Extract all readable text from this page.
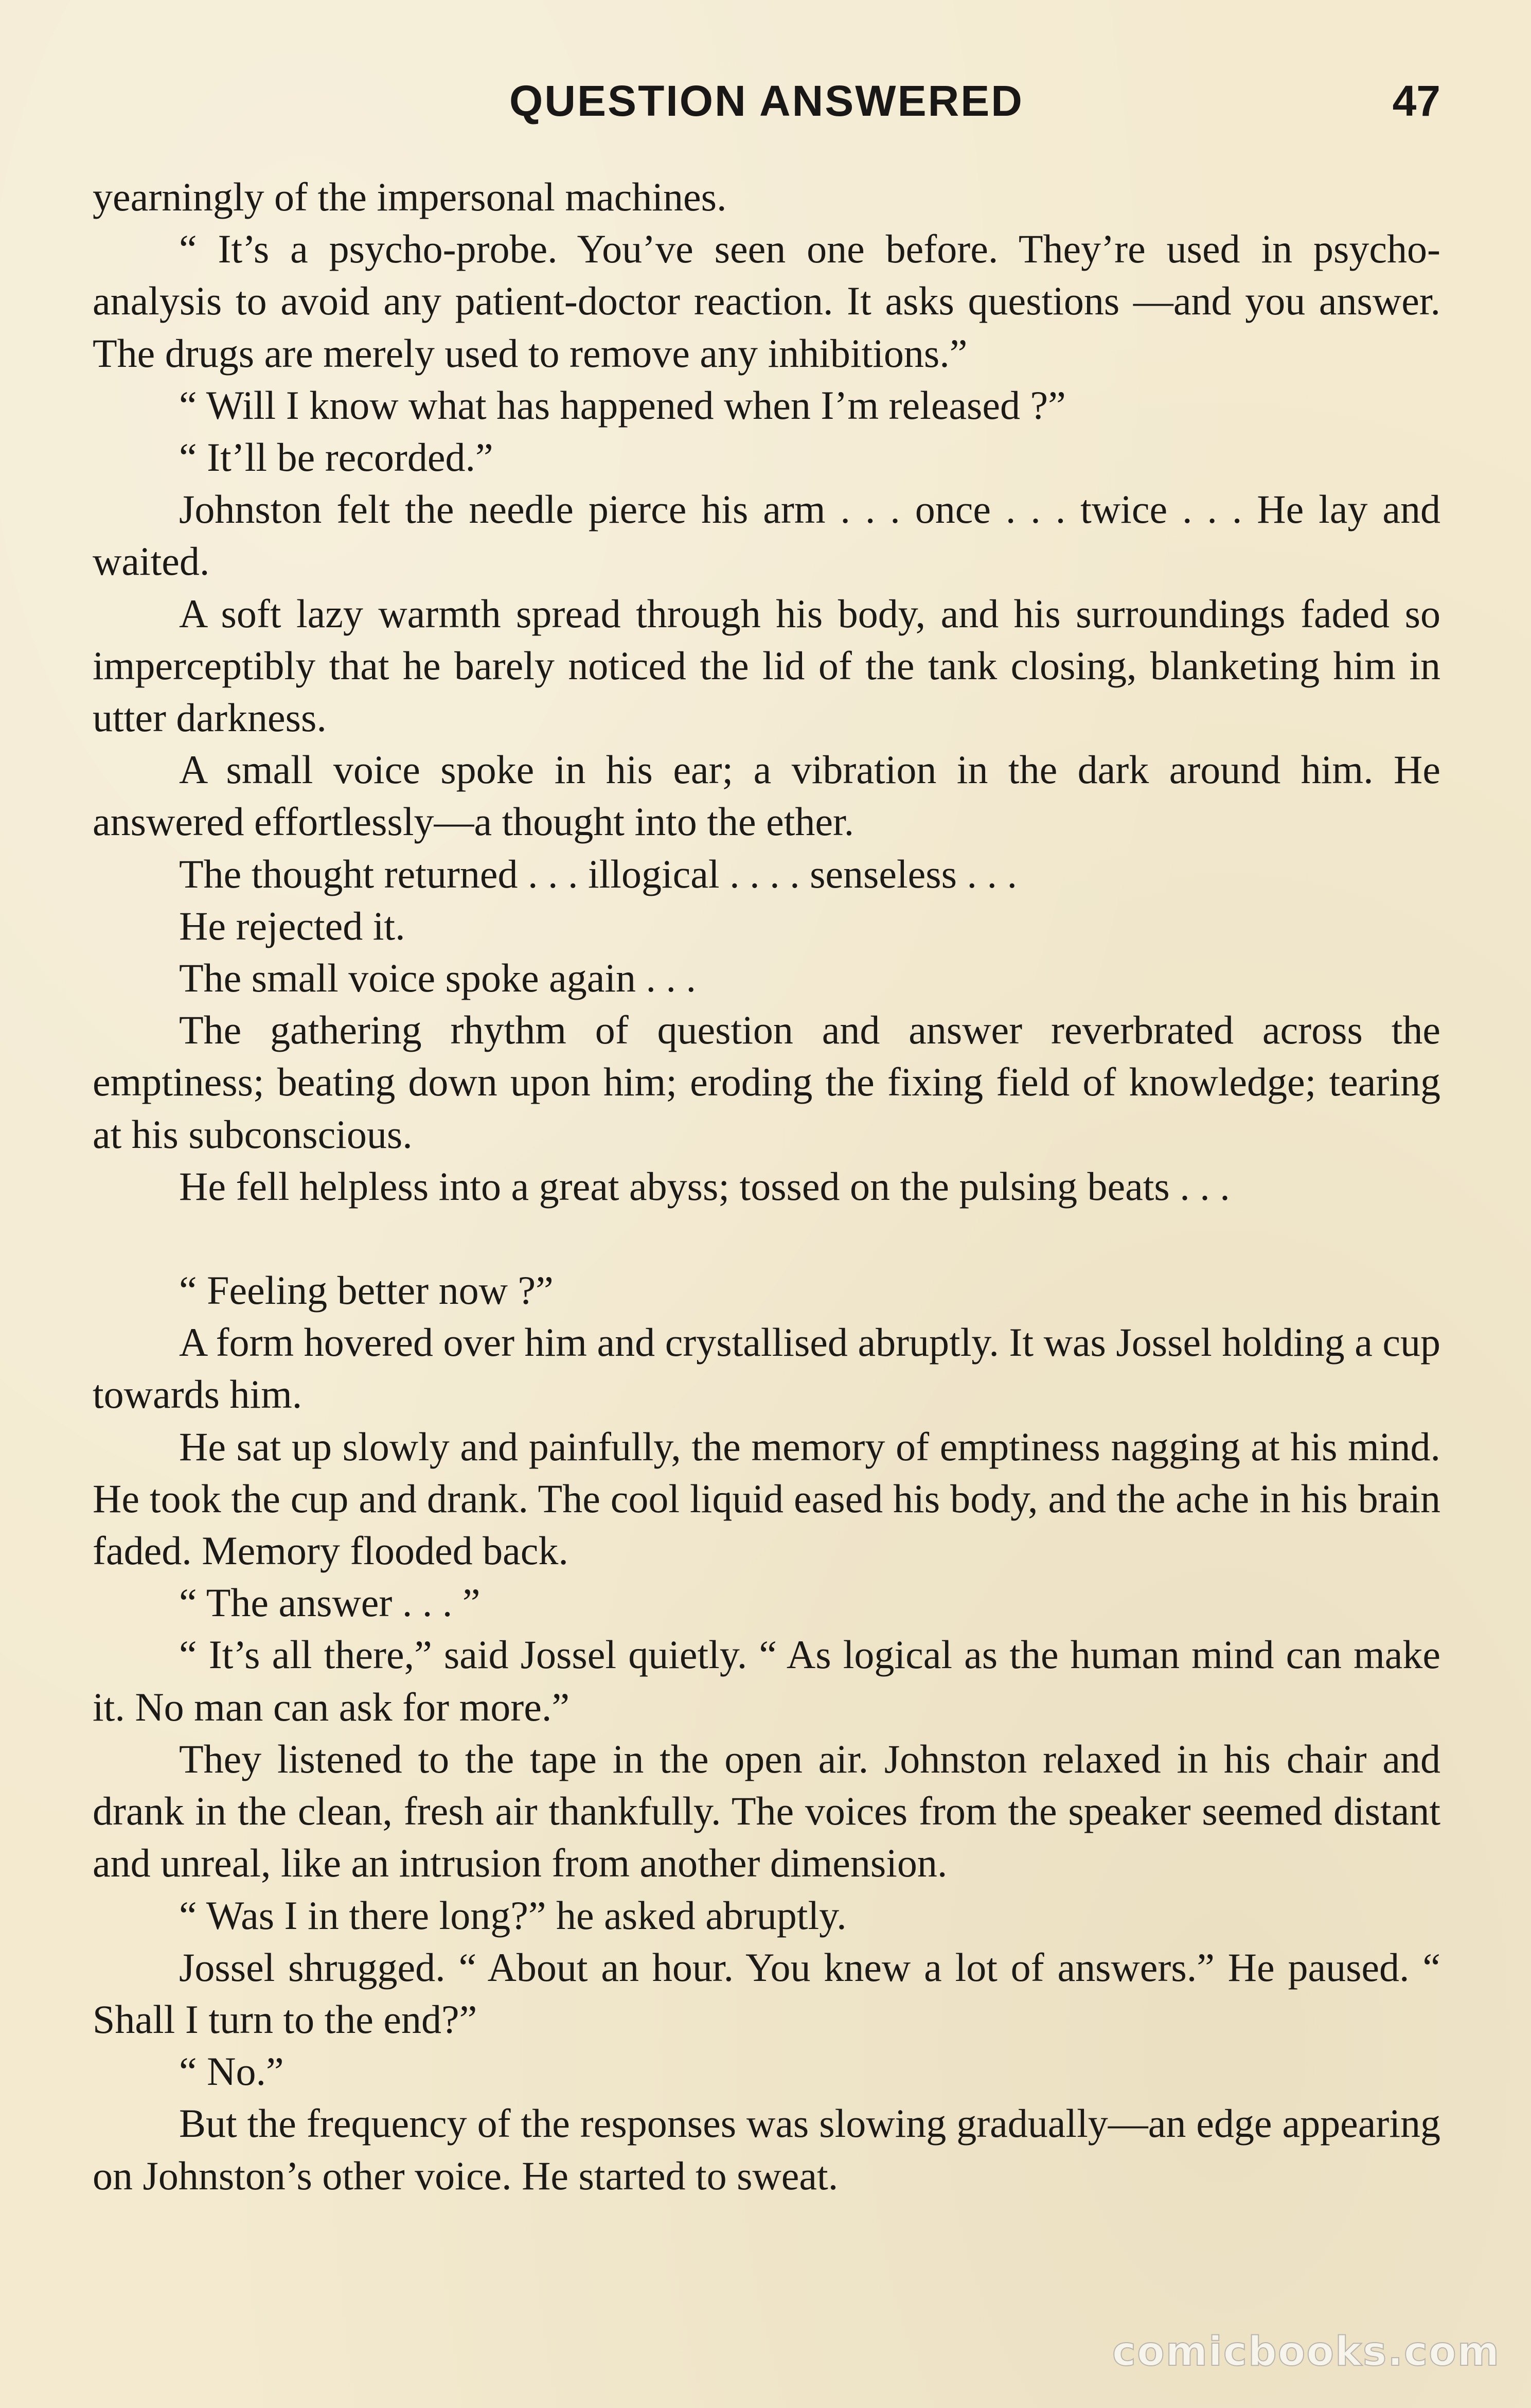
QUESTION ANSWERED	47

yearningly of the impersonal machines.

“ It’s a psycho-probe. You’ve seen one before. They’re used in psycho-analysis to avoid any patient-doctor reaction. It asks questions —and you answer. The drugs are merely used to remove any inhibitions.”

“ Will I know what has happened when I’m released ?”

“ It’ll be recorded.”

Johnston felt the needle pierce his arm . . . once . . . twice . . . He lay and waited.

A soft lazy warmth spread through his body, and his surroundings faded so imperceptibly that he barely noticed the lid of the tank closing, blanketing him in utter darkness.

A small voice spoke in his ear; a vibration in the dark around him. He answered effortlessly—a thought into the ether.

The thought returned . . . illogical . . . . senseless . . .

He rejected it.

The small voice spoke again . . .

The gathering rhythm of question and answer reverbrated across the emptiness; beating down upon him; eroding the fixing field of knowledge; tearing at his subconscious.

He fell helpless into a great abyss; tossed on the pulsing beats . . .

“ Feeling better now ?”

A form hovered over him and crystallised abruptly. It was Jossel holding a cup towards him.

He sat up slowly and painfully, the memory of emptiness nagging at his mind. He took the cup and drank. The cool liquid eased his body, and the ache in his brain faded. Memory flooded back.

“ The answer . . . ”

“ It’s all there,” said Jossel quietly. “ As logical as the human mind can make it. No man can ask for more.”

They listened to the tape in the open air. Johnston relaxed in his chair and drank in the clean, fresh air thankfully. The voices from the speaker seemed distant and unreal, like an intrusion from another dimension.

“ Was I in there long?” he asked abruptly.

Jossel shrugged. “ About an hour. You knew a lot of answers.” He paused. “ Shall I turn to the end?”

“ No.”

But the frequency of the responses was slowing gradually—an edge appearing on Johnston’s other voice. He started to sweat.

comicbooks.com
